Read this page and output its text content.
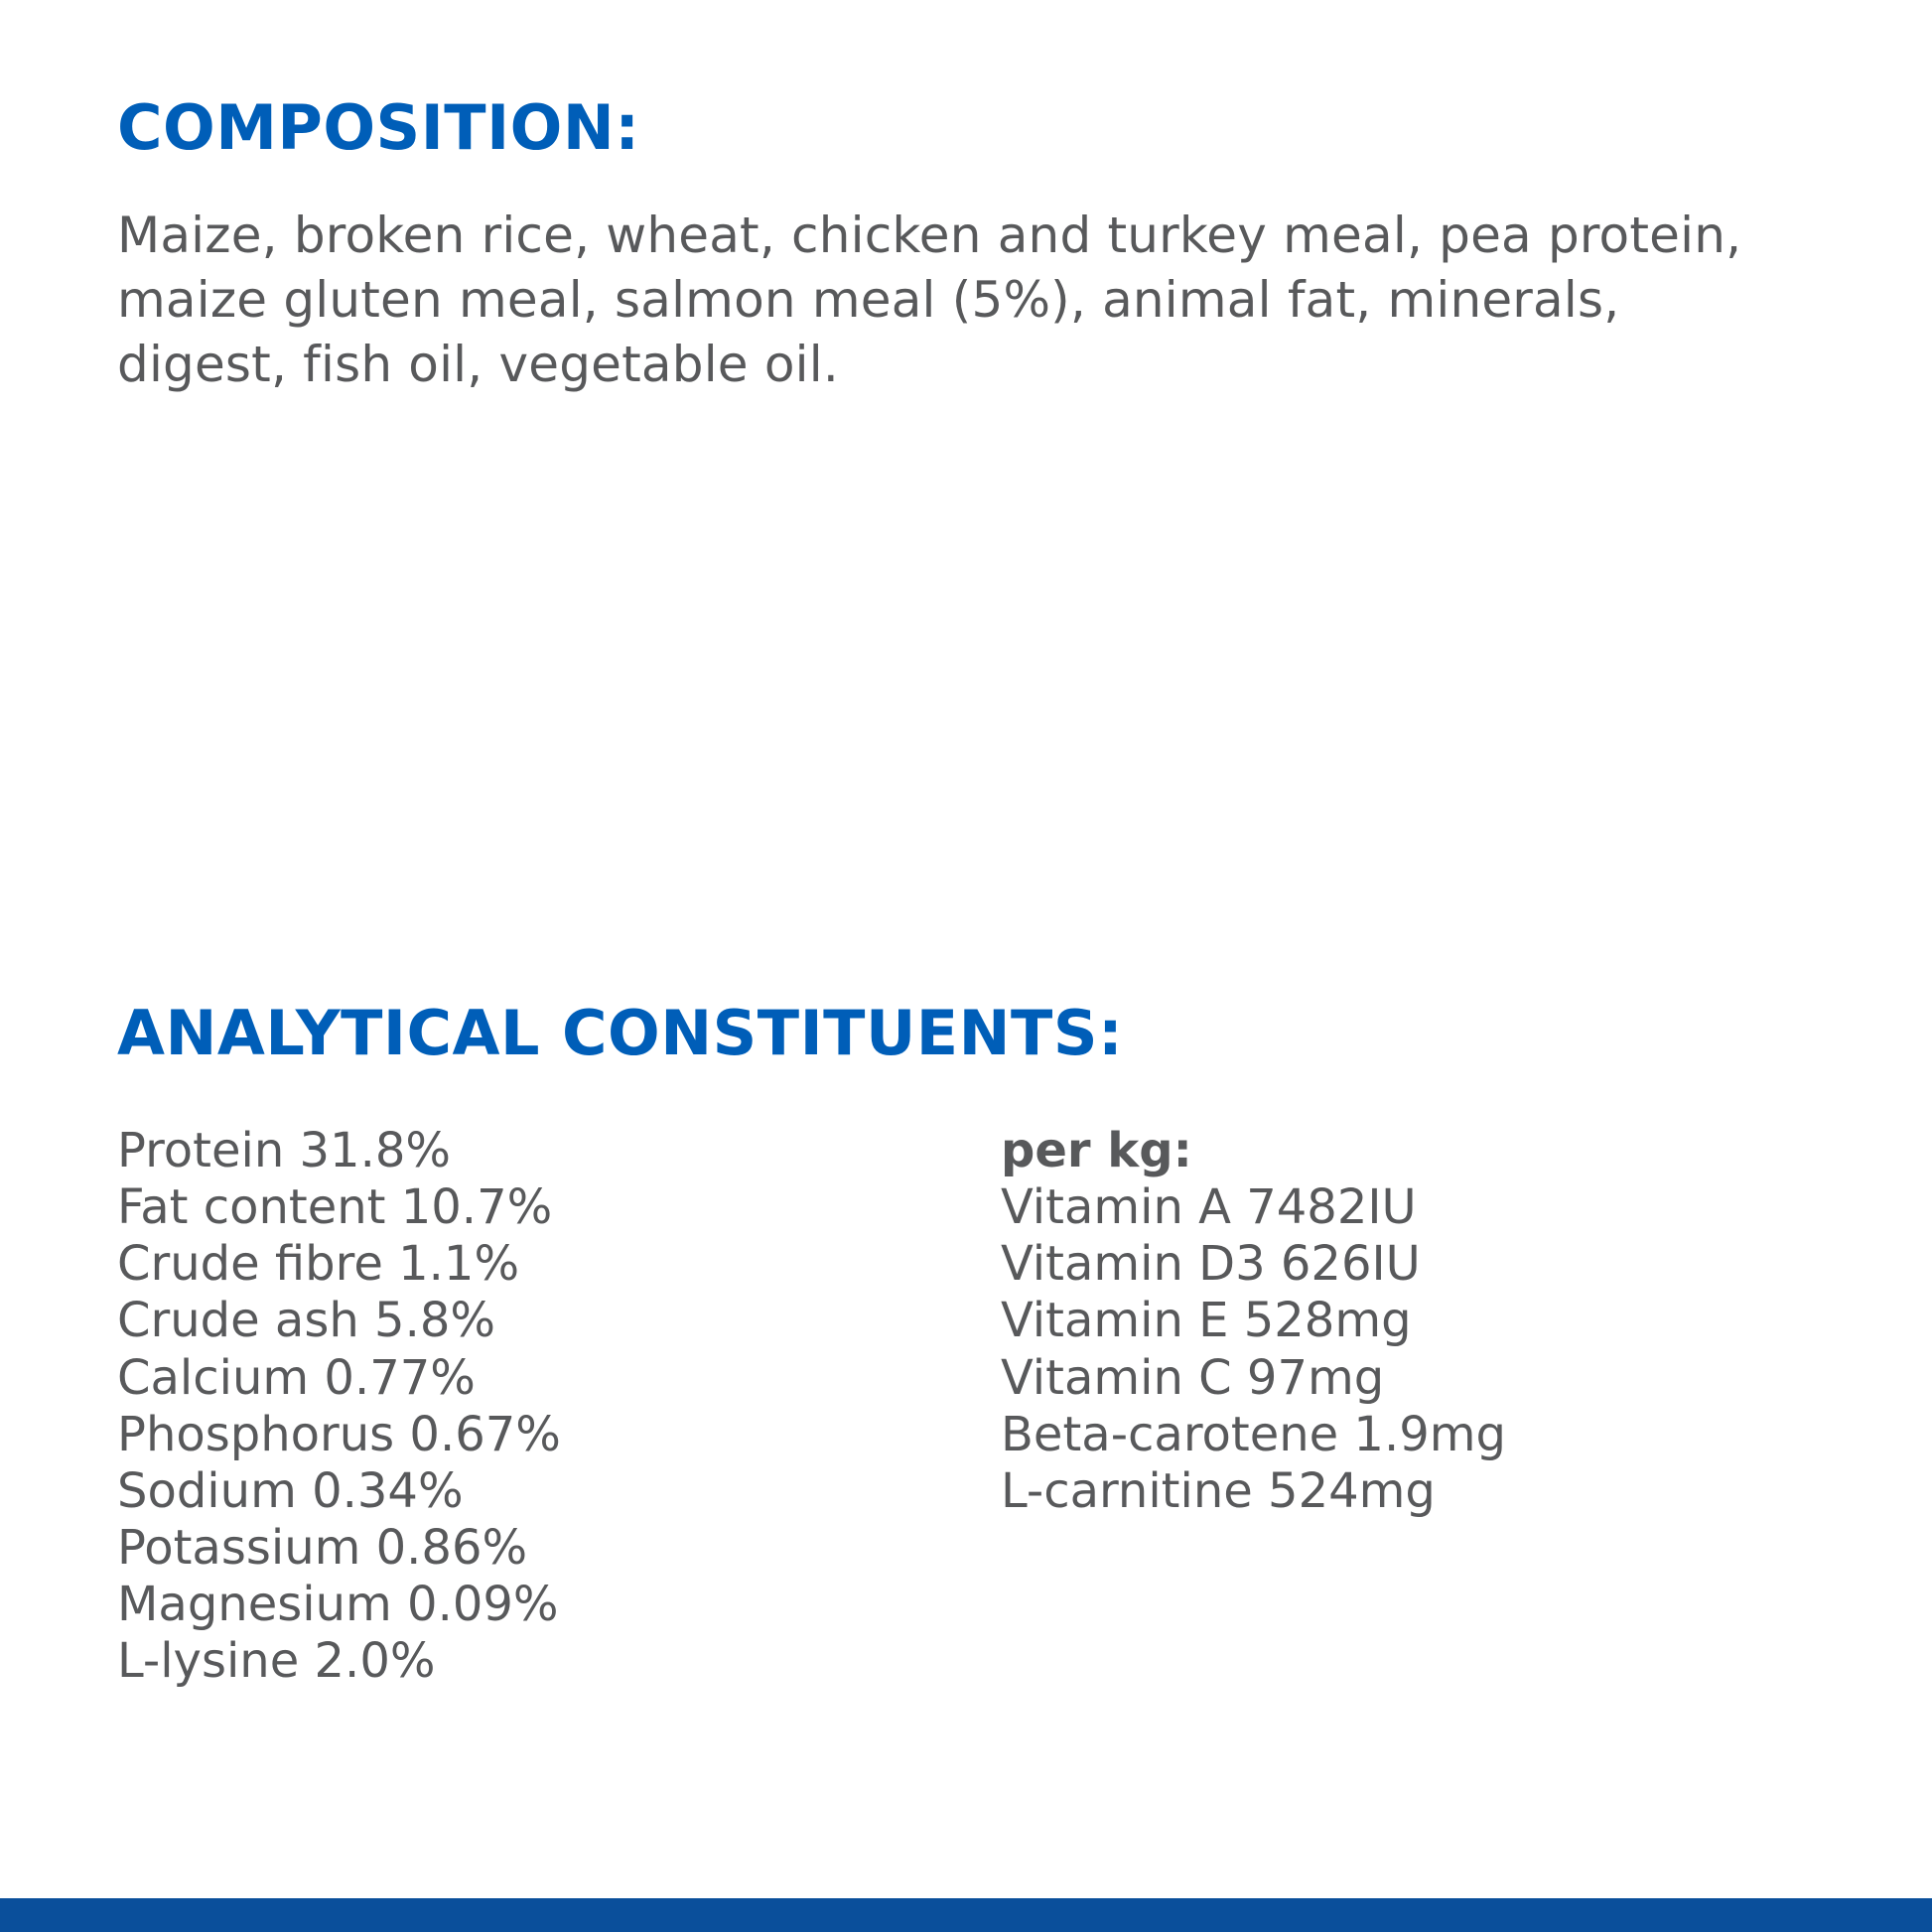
COMPOSITION:
Maize, broken rice, wheat, chicken and turkey meal, pea protein, maize gluten meal, salmon meal (5%), animal fat, minerals, digest, fish oil, vegetable oil.
ANALYTICAL CONSTITUENTS:
Protein 31.8%
Fat content 10.7%
Crude fibre 1.1%
Crude ash 5.8%
Calcium 0.77%
Phosphorus 0.67%
Sodium 0.34%
Potassium 0.86%
Magnesium 0.09%
L-lysine 2.0%
per kg:
Vitamin A 7482IU
Vitamin D3 626IU
Vitamin E 528mg
Vitamin C 97mg
Beta-carotene 1.9mg
L-carnitine 524mg
